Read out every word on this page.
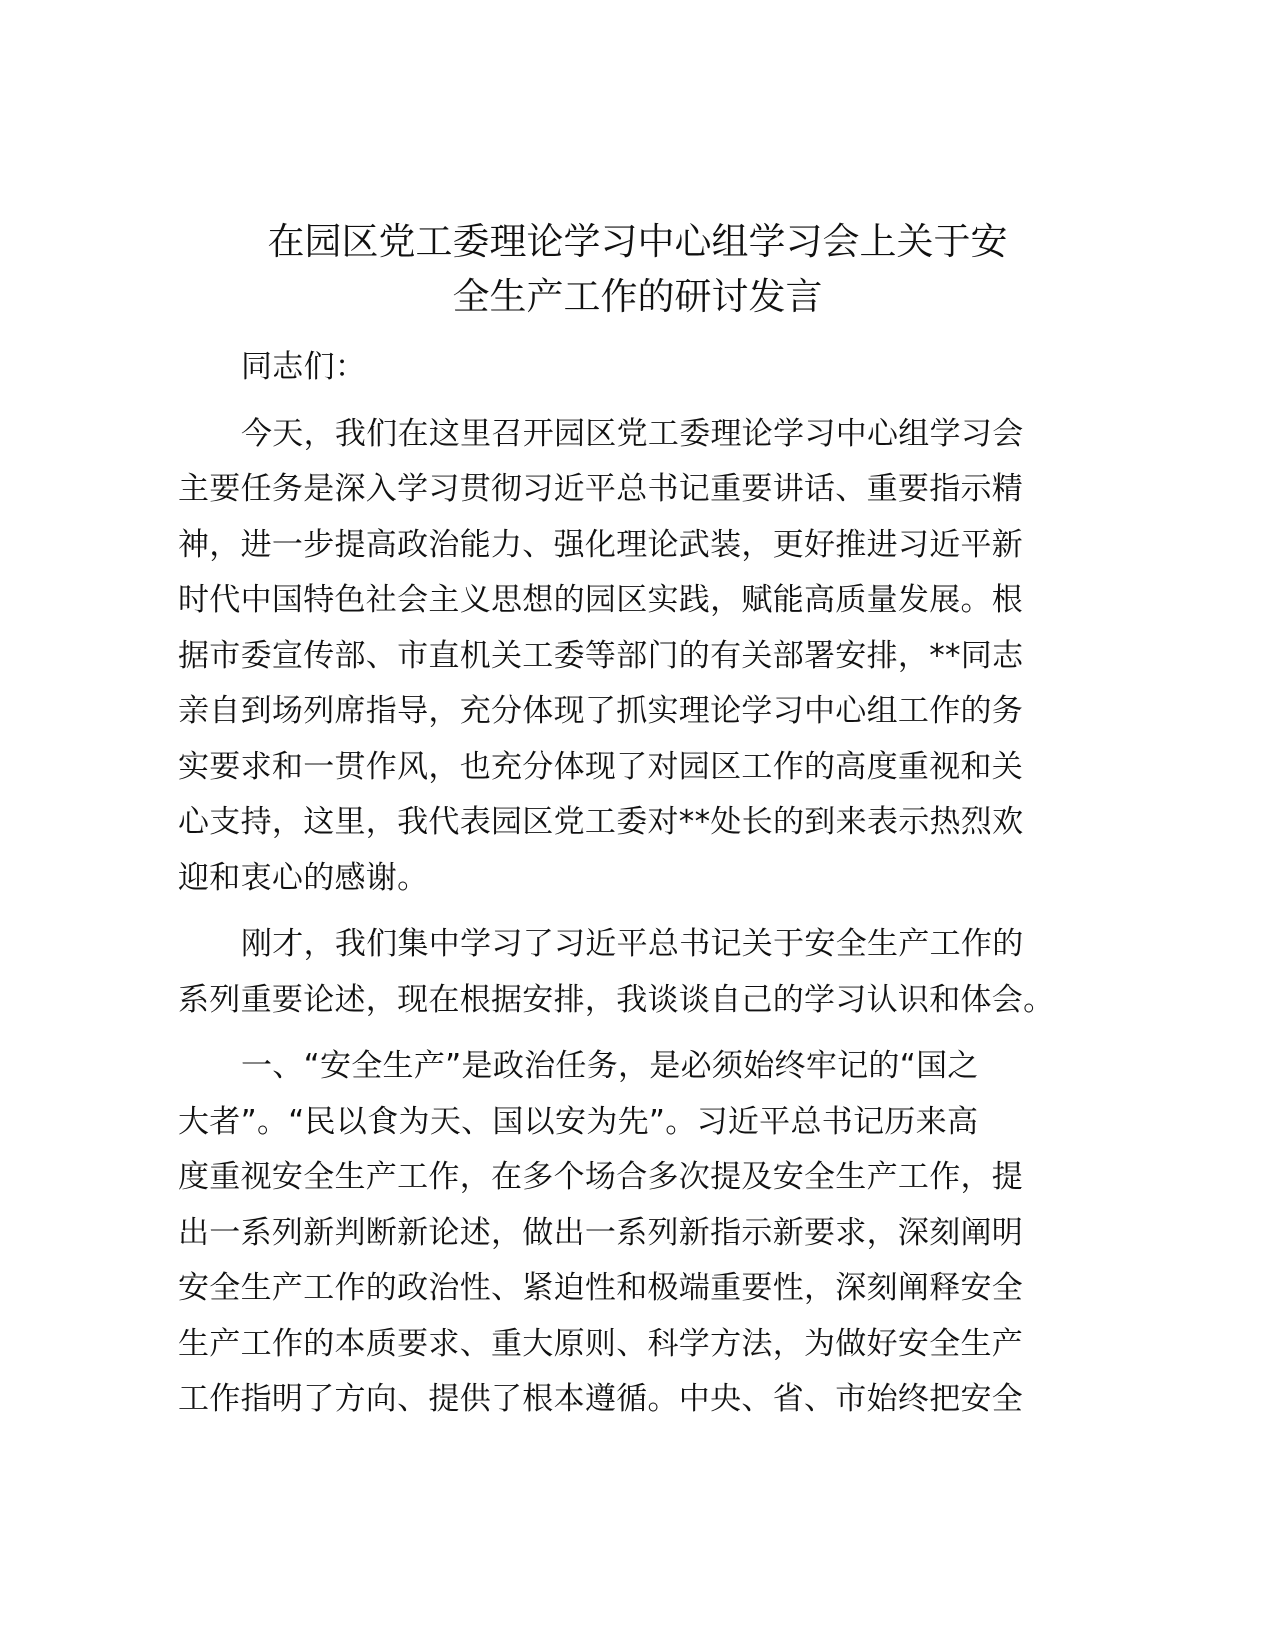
在园区党工委理论学习中心组学习会上关于安
全生产工作的研讨发言
同志们：
今天，我们在这里召开园区党工委理论学习中心组学习会
主要任务是深入学习贯彻习近平总书记重要讲话、重要指示精
神，进一步提高政治能力、强化理论武装，更好推进习近平新
时代中国特色社会主义思想的园区实践，赋能高质量发展。根
据市委宣传部、市直机关工委等部门的有关部署安排，**同志
亲自到场列席指导，充分体现了抓实理论学习中心组工作的务
实要求和一贯作风，也充分体现了对园区工作的高度重视和关
心支持，这里，我代表园区党工委对**处长的到来表示热烈欢
迎和衷心的感谢。
刚才，我们集中学习了习近平总书记关于安全生产工作的
系列重要论述，现在根据安排，我谈谈自己的学习认识和体会。
一、“安全生产”是政治任务，是必须始终牢记的“国之
大者”。“民以食为天、国以安为先”。习近平总书记历来高
度重视安全生产工作，在多个场合多次提及安全生产工作，提
出一系列新判断新论述，做出一系列新指示新要求，深刻阐明
安全生产工作的政治性、紧迫性和极端重要性，深刻阐释安全
生产工作的本质要求、重大原则、科学方法，为做好安全生产
工作指明了方向、提供了根本遵循。中央、省、市始终把安全
